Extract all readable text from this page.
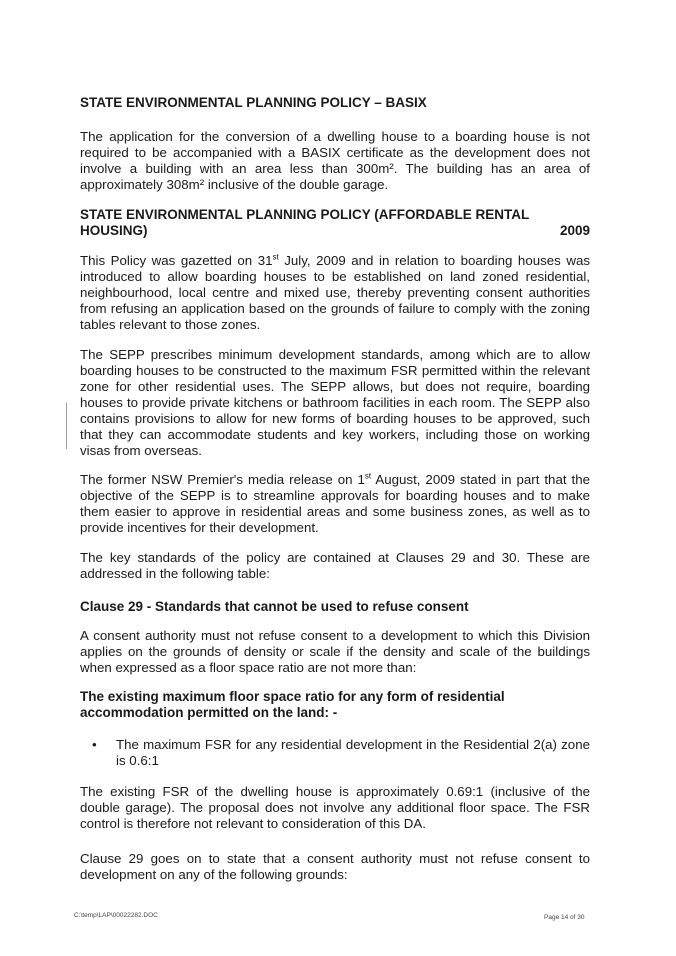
STATE ENVIRONMENTAL PLANNING POLICY – BASIX

The application for the conversion of a dwelling house to a boarding house is not required to be accompanied with a BASIX certificate as the development does not involve a building with an area less than 300m². The building has an area of approximately 308m² inclusive of the double garage.

STATE ENVIRONMENTAL PLANNING POLICY (AFFORDABLE RENTAL HOUSING) 2009

This Policy was gazetted on 31st July, 2009 and in relation to boarding houses was introduced to allow boarding houses to be established on land zoned residential, neighbourhood, local centre and mixed use, thereby preventing consent authorities from refusing an application based on the grounds of failure to comply with the zoning tables relevant to those zones.

The SEPP prescribes minimum development standards, among which are to allow boarding houses to be constructed to the maximum FSR permitted within the relevant zone for other residential uses. The SEPP allows, but does not require, boarding houses to provide private kitchens or bathroom facilities in each room. The SEPP also contains provisions to allow for new forms of boarding houses to be approved, such that they can accommodate students and key workers, including those on working visas from overseas.

The former NSW Premier's media release on 1st August, 2009 stated in part that the objective of the SEPP is to streamline approvals for boarding houses and to make them easier to approve in residential areas and some business zones, as well as to provide incentives for their development.

The key standards of the policy are contained at Clauses 29 and 30. These are addressed in the following table:

Clause 29 - Standards that cannot be used to refuse consent

A consent authority must not refuse consent to a development to which this Division applies on the grounds of density or scale if the density and scale of the buildings when expressed as a floor space ratio are not more than:

The existing maximum floor space ratio for any form of residential accommodation permitted on the land: -
• The maximum FSR for any residential development in the Residential 2(a) zone is 0.6:1

The existing FSR of the dwelling house is approximately 0.69:1 (inclusive of the double garage). The proposal does not involve any additional floor space. The FSR control is therefore not relevant to consideration of this DA.

Clause 29 goes on to state that a consent authority must not refuse consent to development on any of the following grounds:

C:\temp\LAP\00022282.DOC	Page 14 of 30
